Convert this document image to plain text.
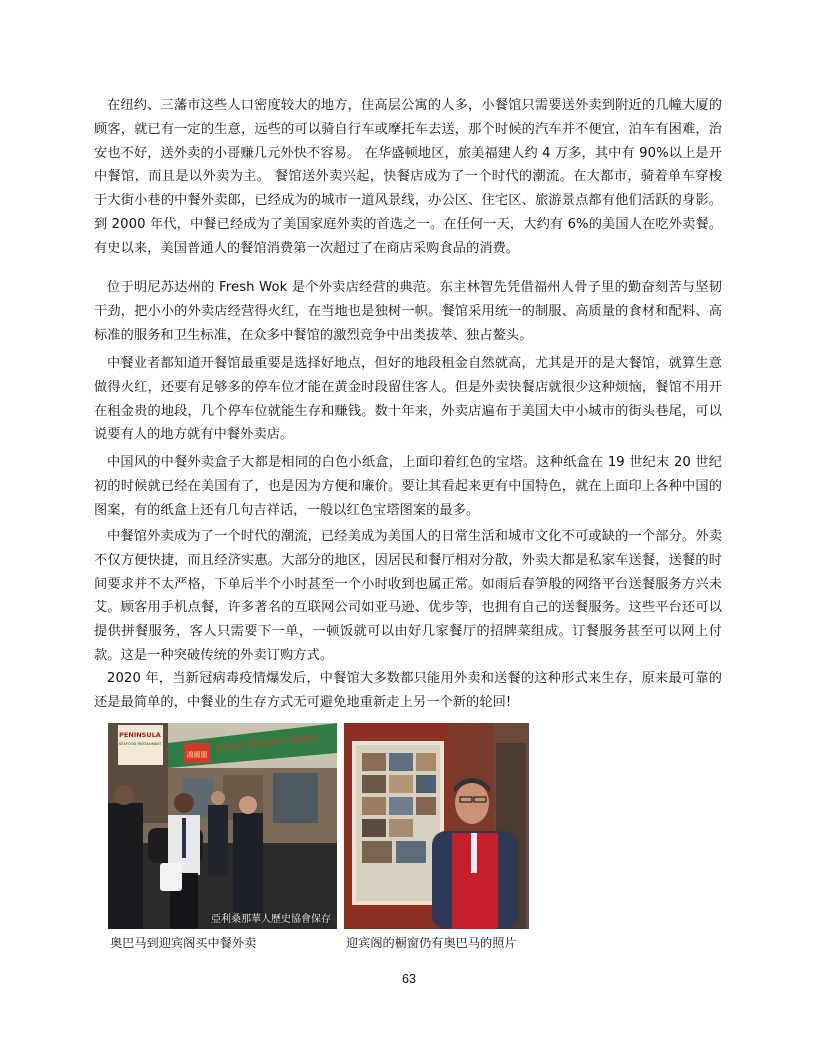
在纽约、三藩市这些人口密度较大的地方，住高层公寓的人多，小餐馆只需要送外卖到附近的几幢大厦的顾客，就已有一定的生意，远些的可以骑自行车或摩托车去送，那个时候的汽车并不便宜，泊车有困难，治安也不好，送外卖的小哥赚几元外快不容易。 在华盛顿地区，旅美福建人约 4 万多，其中有 90%以上是开中餐馆，而且是以外卖为主。 餐馆送外卖兴起，快餐店成为了一个时代的潮流。在大都市，骑着单车穿梭于大街小巷的中餐外卖郎，已经成为的城市一道风景线，办公区、住宅区、旅游景点都有他们活跃的身影。到 2000 年代，中餐已经成为了美国家庭外卖的首选之一。在任何一天，大约有 6%的美国人在吃外卖餐。有史以来，美国普通人的餐馆消费第一次超过了在商店采购食品的消费。

位于明尼苏达州的 Fresh Wok 是个外卖店经营的典范。东主林智先凭借福州人骨子里的勤奋刻苦与坚韧干劲，把小小的外卖店经营得火红，在当地也是独树一帜。餐馆采用统一的制服、高质量的食材和配料、高标准的服务和卫生标准，在众多中餐馆的激烈竞争中出类拔萃、独占鳌头。

中餐业者都知道开餐馆最重要是选择好地点，但好的地段租金自然就高，尤其是开的是大餐馆，就算生意做得火红，还要有足够多的停车位才能在黄金时段留住客人。但是外卖快餐店就很少这种烦恼，餐馆不用开在租金贵的地段，几个停车位就能生存和赚钱。数十年来，外卖店遍布于美国大中小城市的街头巷尾，可以说要有人的地方就有中餐外卖店。

中国风的中餐外卖盒子大都是相同的白色小纸盒，上面印着红色的宝塔。这种纸盒在 19 世纪末 20 世纪初的时候就已经在美国有了，也是因为方便和廉价。要让其看起来更有中国特色，就在上面印上各种中国的图案，有的纸盒上还有几句吉祥话，一般以红色宝塔图案的最多。

中餐馆外卖成为了一个时代的潮流，已经美成为美国人的日常生活和城市文化不可或缺的一个部分。外卖不仅方便快捷，而且经济实惠。大部分的地区，因居民和餐厅相对分散，外卖大都是私家车送餐，送餐的时间要求并不太严格，下单后半个小时甚至一个小时收到也属正常。如雨后春笋般的网络平台送餐服务方兴未艾。顾客用手机点餐，许多著名的互联网公司如亚马逊、优步等，也拥有自己的送餐服务。这些平台还可以提供拼餐服务，客人只需要下一单，一顿饭就可以由好几家餐厅的招牌菜组成。订餐服务甚至可以网上付款。这是一种突破传统的外卖订购方式。

2020 年，当新冠病毒疫情爆发后，中餐馆大多数都只能用外卖和送餐的这种形式来生存，原来最可靠的还是最简单的，中餐业的生存方式无可避免地重新走上另一个新的轮回!

PENINSULA
SEAFOOD RESTAURANT
鴻圖閣
Great Eastern Resta
亞利桑那華人歷史協會保存
奥巴马到迎宾阁买中餐外卖	迎宾阁的橱窗仍有奥巴马的照片
63
